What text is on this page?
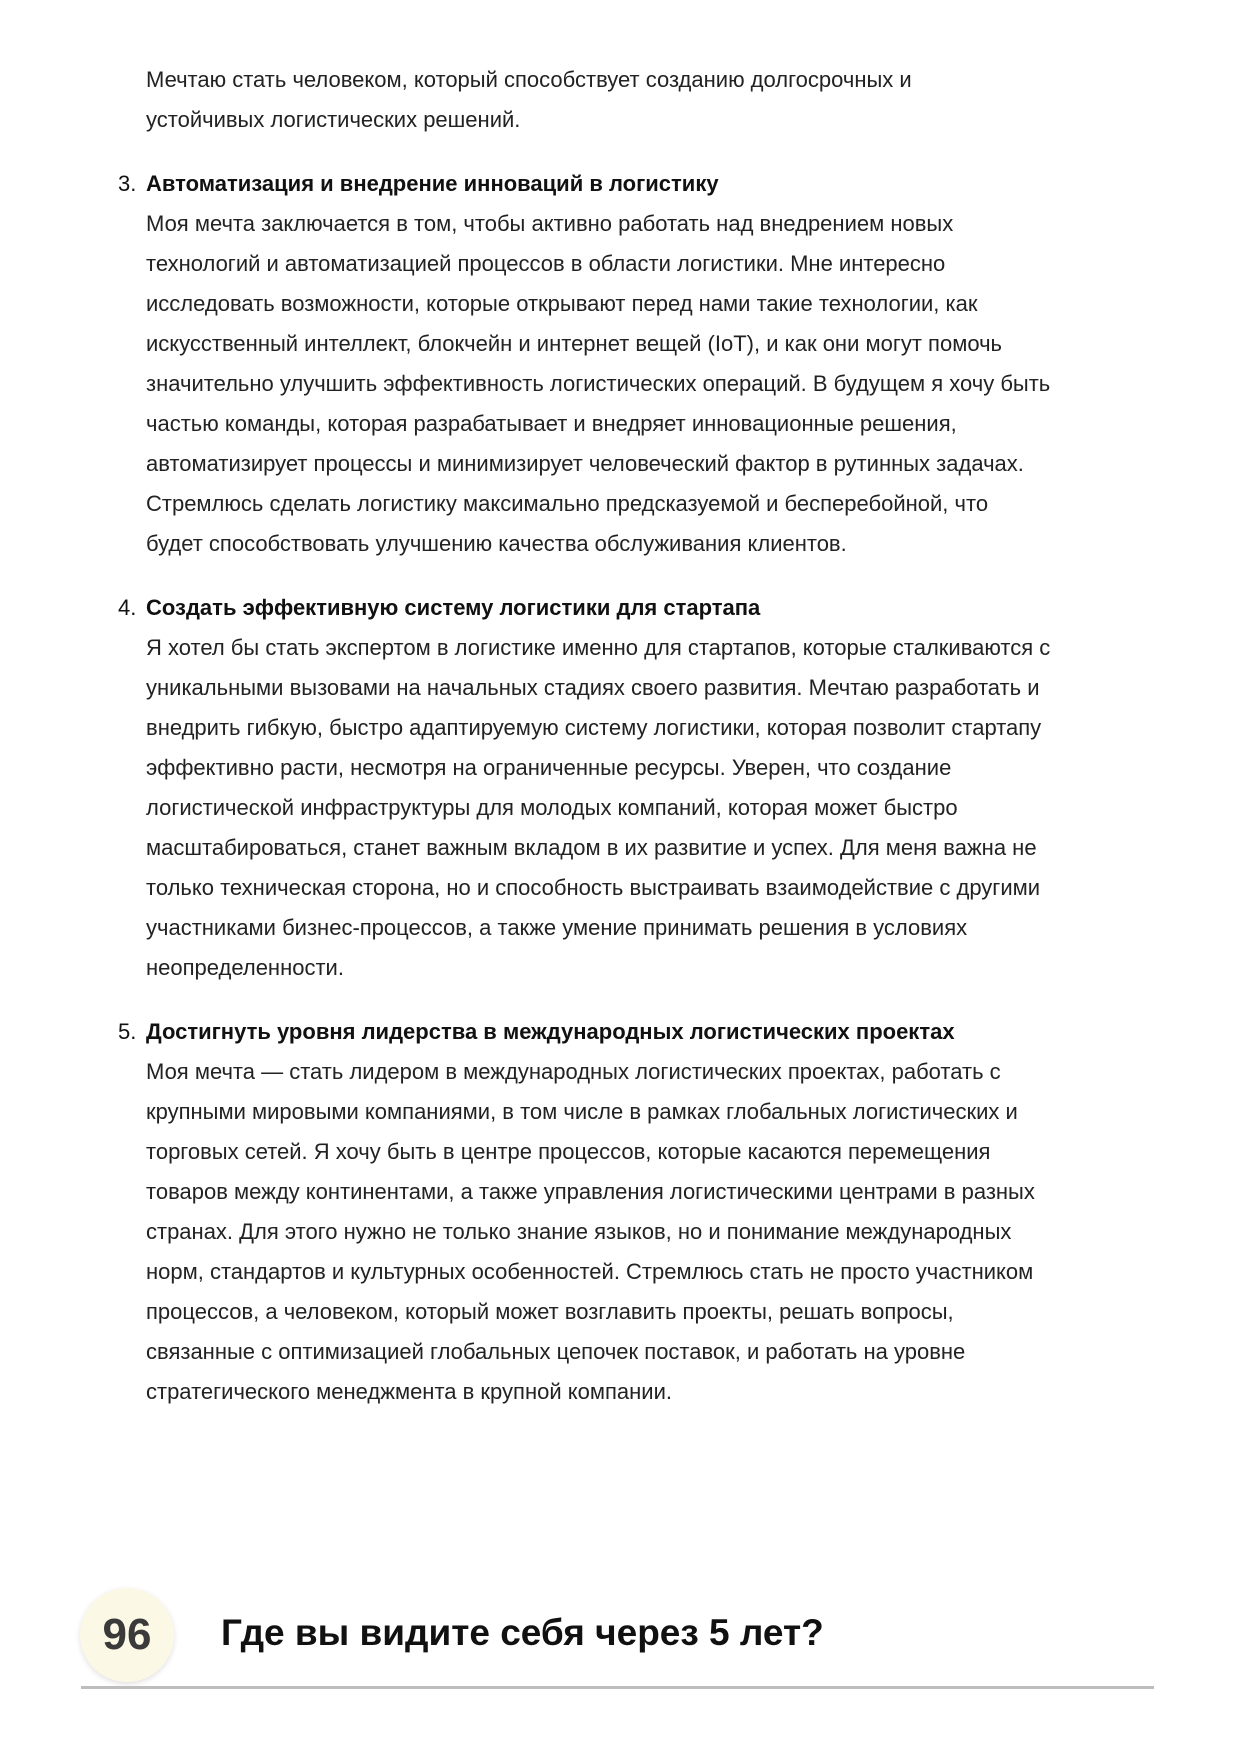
Мечтаю стать человеком, который способствует созданию долгосрочных и
устойчивых логистических решений.
3. Автоматизация и внедрение инноваций в логистику
Моя мечта заключается в том, чтобы активно работать над внедрением новых
технологий и автоматизацией процессов в области логистики. Мне интересно
исследовать возможности, которые открывают перед нами такие технологии, как
искусственный интеллект, блокчейн и интернет вещей (IoT), и как они могут помочь
значительно улучшить эффективность логистических операций. В будущем я хочу быть
частью команды, которая разрабатывает и внедряет инновационные решения,
автоматизирует процессы и минимизирует человеческий фактор в рутинных задачах.
Стремлюсь сделать логистику максимально предсказуемой и бесперебойной, что
будет способствовать улучшению качества обслуживания клиентов.
4. Создать эффективную систему логистики для стартапа
Я хотел бы стать экспертом в логистике именно для стартапов, которые сталкиваются с
уникальными вызовами на начальных стадиях своего развития. Мечтаю разработать и
внедрить гибкую, быстро адаптируемую систему логистики, которая позволит стартапу
эффективно расти, несмотря на ограниченные ресурсы. Уверен, что создание
логистической инфраструктуры для молодых компаний, которая может быстро
масштабироваться, станет важным вкладом в их развитие и успех. Для меня важна не
только техническая сторона, но и способность выстраивать взаимодействие с другими
участниками бизнес-процессов, а также умение принимать решения в условиях
неопределенности.
5. Достигнуть уровня лидерства в международных логистических проектах
Моя мечта — стать лидером в международных логистических проектах, работать с
крупными мировыми компаниями, в том числе в рамках глобальных логистических и
торговых сетей. Я хочу быть в центре процессов, которые касаются перемещения
товаров между континентами, а также управления логистическими центрами в разных
странах. Для этого нужно не только знание языков, но и понимание международных
норм, стандартов и культурных особенностей. Стремлюсь стать не просто участником
процессов, а человеком, который может возглавить проекты, решать вопросы,
связанные с оптимизацией глобальных цепочек поставок, и работать на уровне
стратегического менеджмента в крупной компании.
96	Где вы видите себя через 5 лет?
